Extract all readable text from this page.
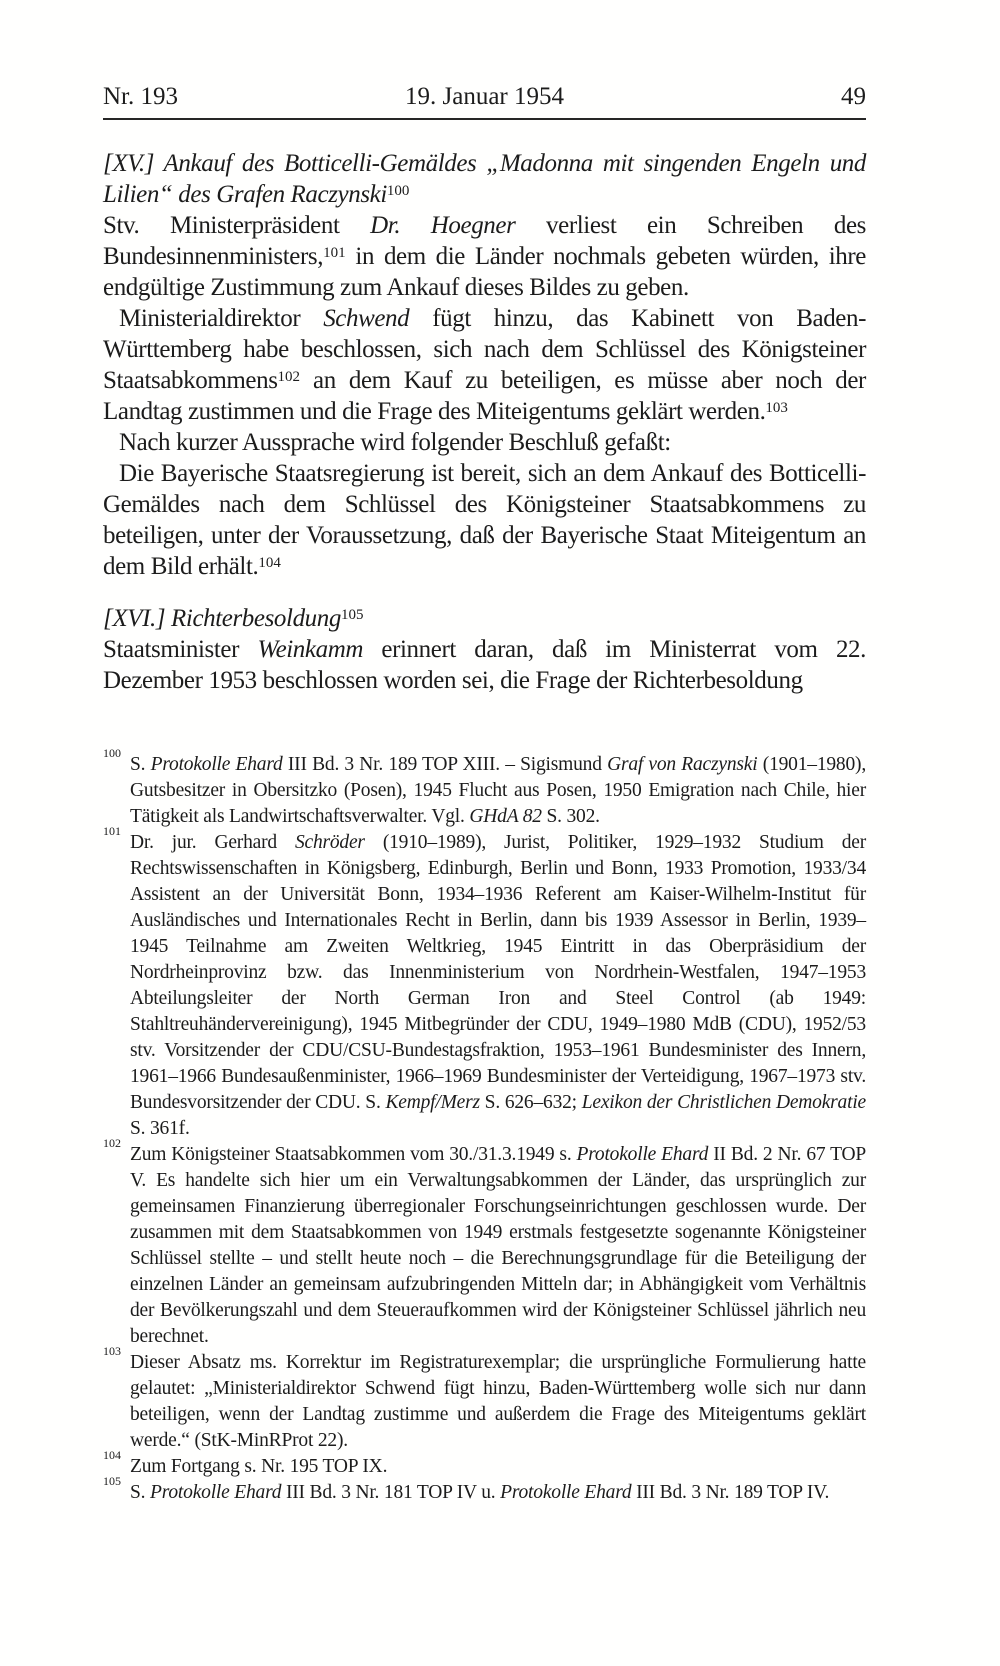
Nr. 193	19. Januar 1954	49

[XV.] Ankauf des Botticelli-Gemäldes „Madonna mit singenden Engeln und Lilien“ des Grafen Raczynski$^{100}$

Stv. Ministerpräsident Dr. Hoegner verliest ein Schreiben des Bundesinnenministers,$^{101}$ in dem die Länder nochmals gebeten würden, ihre endgültige Zustimmung zum Ankauf dieses Bildes zu geben.

Ministerialdirektor Schwend fügt hinzu, das Kabinett von Baden-Württemberg habe beschlossen, sich nach dem Schlüssel des Königsteiner Staatsabkommens$^{102}$ an dem Kauf zu beteiligen, es müsse aber noch der Landtag zustimmen und die Frage des Miteigentums geklärt werden.$^{103}$

Nach kurzer Aussprache wird folgender Beschluß gefaßt:

Die Bayerische Staatsregierung ist bereit, sich an dem Ankauf des Botticelli-Gemäldes nach dem Schlüssel des Königsteiner Staatsabkommens zu beteiligen, unter der Voraussetzung, daß der Bayerische Staat Miteigentum an dem Bild erhält.$^{104}$

[XVI.] Richterbesoldung$^{105}$

Staatsminister Weinkamm erinnert daran, daß im Ministerrat vom 22. Dezember 1953 beschlossen worden sei, die Frage der Richterbesoldung

100
S. Protokolle Ehard III Bd. 3 Nr. 189 TOP XIII. – Sigismund Graf von Raczynski (1901–1980), Gutsbesitzer in Obersitzko (Posen), 1945 Flucht aus Posen, 1950 Emigration nach Chile, hier Tätigkeit als Landwirtschaftsverwalter. Vgl. GHdA 82 S. 302.

101
Dr. jur. Gerhard Schröder (1910–1989), Jurist, Politiker, 1929–1932 Studium der Rechtswissenschaften in Königsberg, Edinburgh, Berlin und Bonn, 1933 Promotion, 1933/34 Assistent an der Universität Bonn, 1934–1936 Referent am Kaiser-Wilhelm-Institut für Ausländisches und Internationales Recht in Berlin, dann bis 1939 Assessor in Berlin, 1939–1945 Teilnahme am Zweiten Weltkrieg, 1945 Eintritt in das Oberpräsidium der Nordrheinprovinz bzw. das Innenministerium von Nordrhein-Westfalen, 1947–1953 Abteilungsleiter der North German Iron and Steel Control (ab 1949: Stahltreuhändervereinigung), 1945 Mitbegründer der CDU, 1949–1980 MdB (CDU), 1952/53 stv. Vorsitzender der CDU/CSU-Bundestagsfraktion, 1953–1961 Bundesminister des Innern, 1961–1966 Bundesaußenminister, 1966–1969 Bundesminister der Verteidigung, 1967–1973 stv. Bundesvorsitzender der CDU. S. Kempf/Merz S. 626–632; Lexikon der Christlichen Demokratie S. 361f.

102
Zum Königsteiner Staatsabkommen vom 30./31.3.1949 s. Protokolle Ehard II Bd. 2 Nr. 67 TOP V. Es handelte sich hier um ein Verwaltungsabkommen der Länder, das ursprünglich zur gemeinsamen Finanzierung überregionaler Forschungseinrichtungen geschlossen wurde. Der zusammen mit dem Staatsabkommen von 1949 erstmals festgesetzte sogenannte Königsteiner Schlüssel stellte – und stellt heute noch – die Berechnungsgrundlage für die Beteiligung der einzelnen Länder an gemeinsam aufzubringenden Mitteln dar; in Abhängigkeit vom Verhältnis der Bevölkerungszahl und dem Steueraufkommen wird der Königsteiner Schlüssel jährlich neu berechnet.

103
Dieser Absatz ms. Korrektur im Registraturexemplar; die ursprüngliche Formulierung hatte gelautet: „Ministerialdirektor Schwend fügt hinzu, Baden-Württemberg wolle sich nur dann beteiligen, wenn der Landtag zustimme und außerdem die Frage des Miteigentums geklärt werde.“ (StK-MinRProt 22).

104
Zum Fortgang s. Nr. 195 TOP IX.

105
S. Protokolle Ehard III Bd. 3 Nr. 181 TOP IV u. Protokolle Ehard III Bd. 3 Nr. 189 TOP IV.
